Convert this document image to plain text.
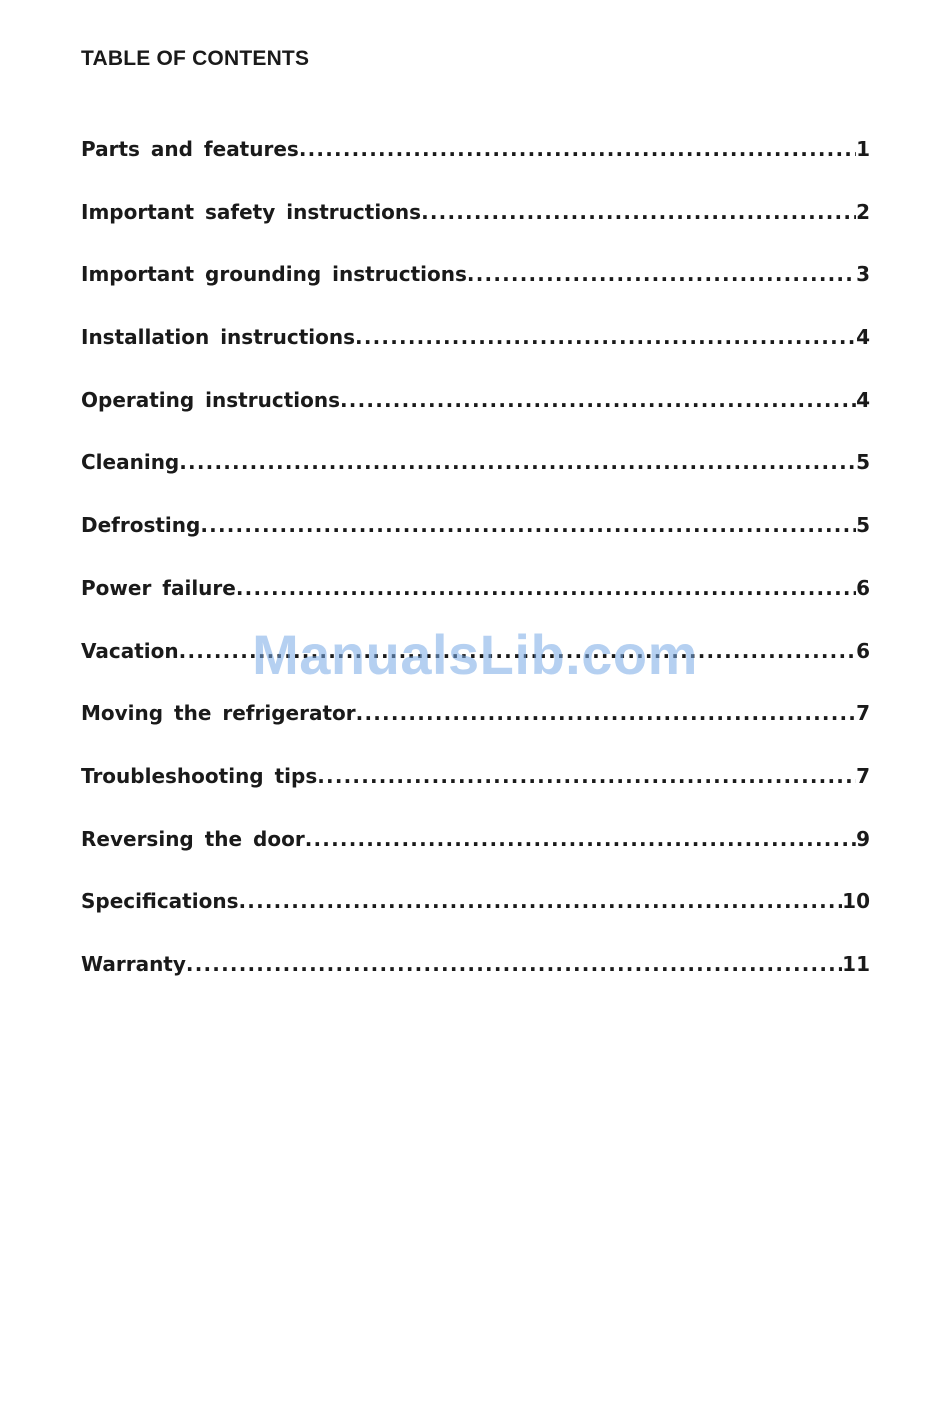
TABLE OF CONTENTS
Parts and features .....	1
Important safety instructions .....	2
Important grounding instructions .....	3
Installation instructions .....	4
Operating instructions .....	4
Cleaning .....	5
Defrosting .....	5
Power failure .....	6
Vacation .....	6
Moving the refrigerator .....	7
Troubleshooting tips .....	7
Reversing the door .....	9
Specifications .....	10
Warranty .....	11
ManualsLib.com
